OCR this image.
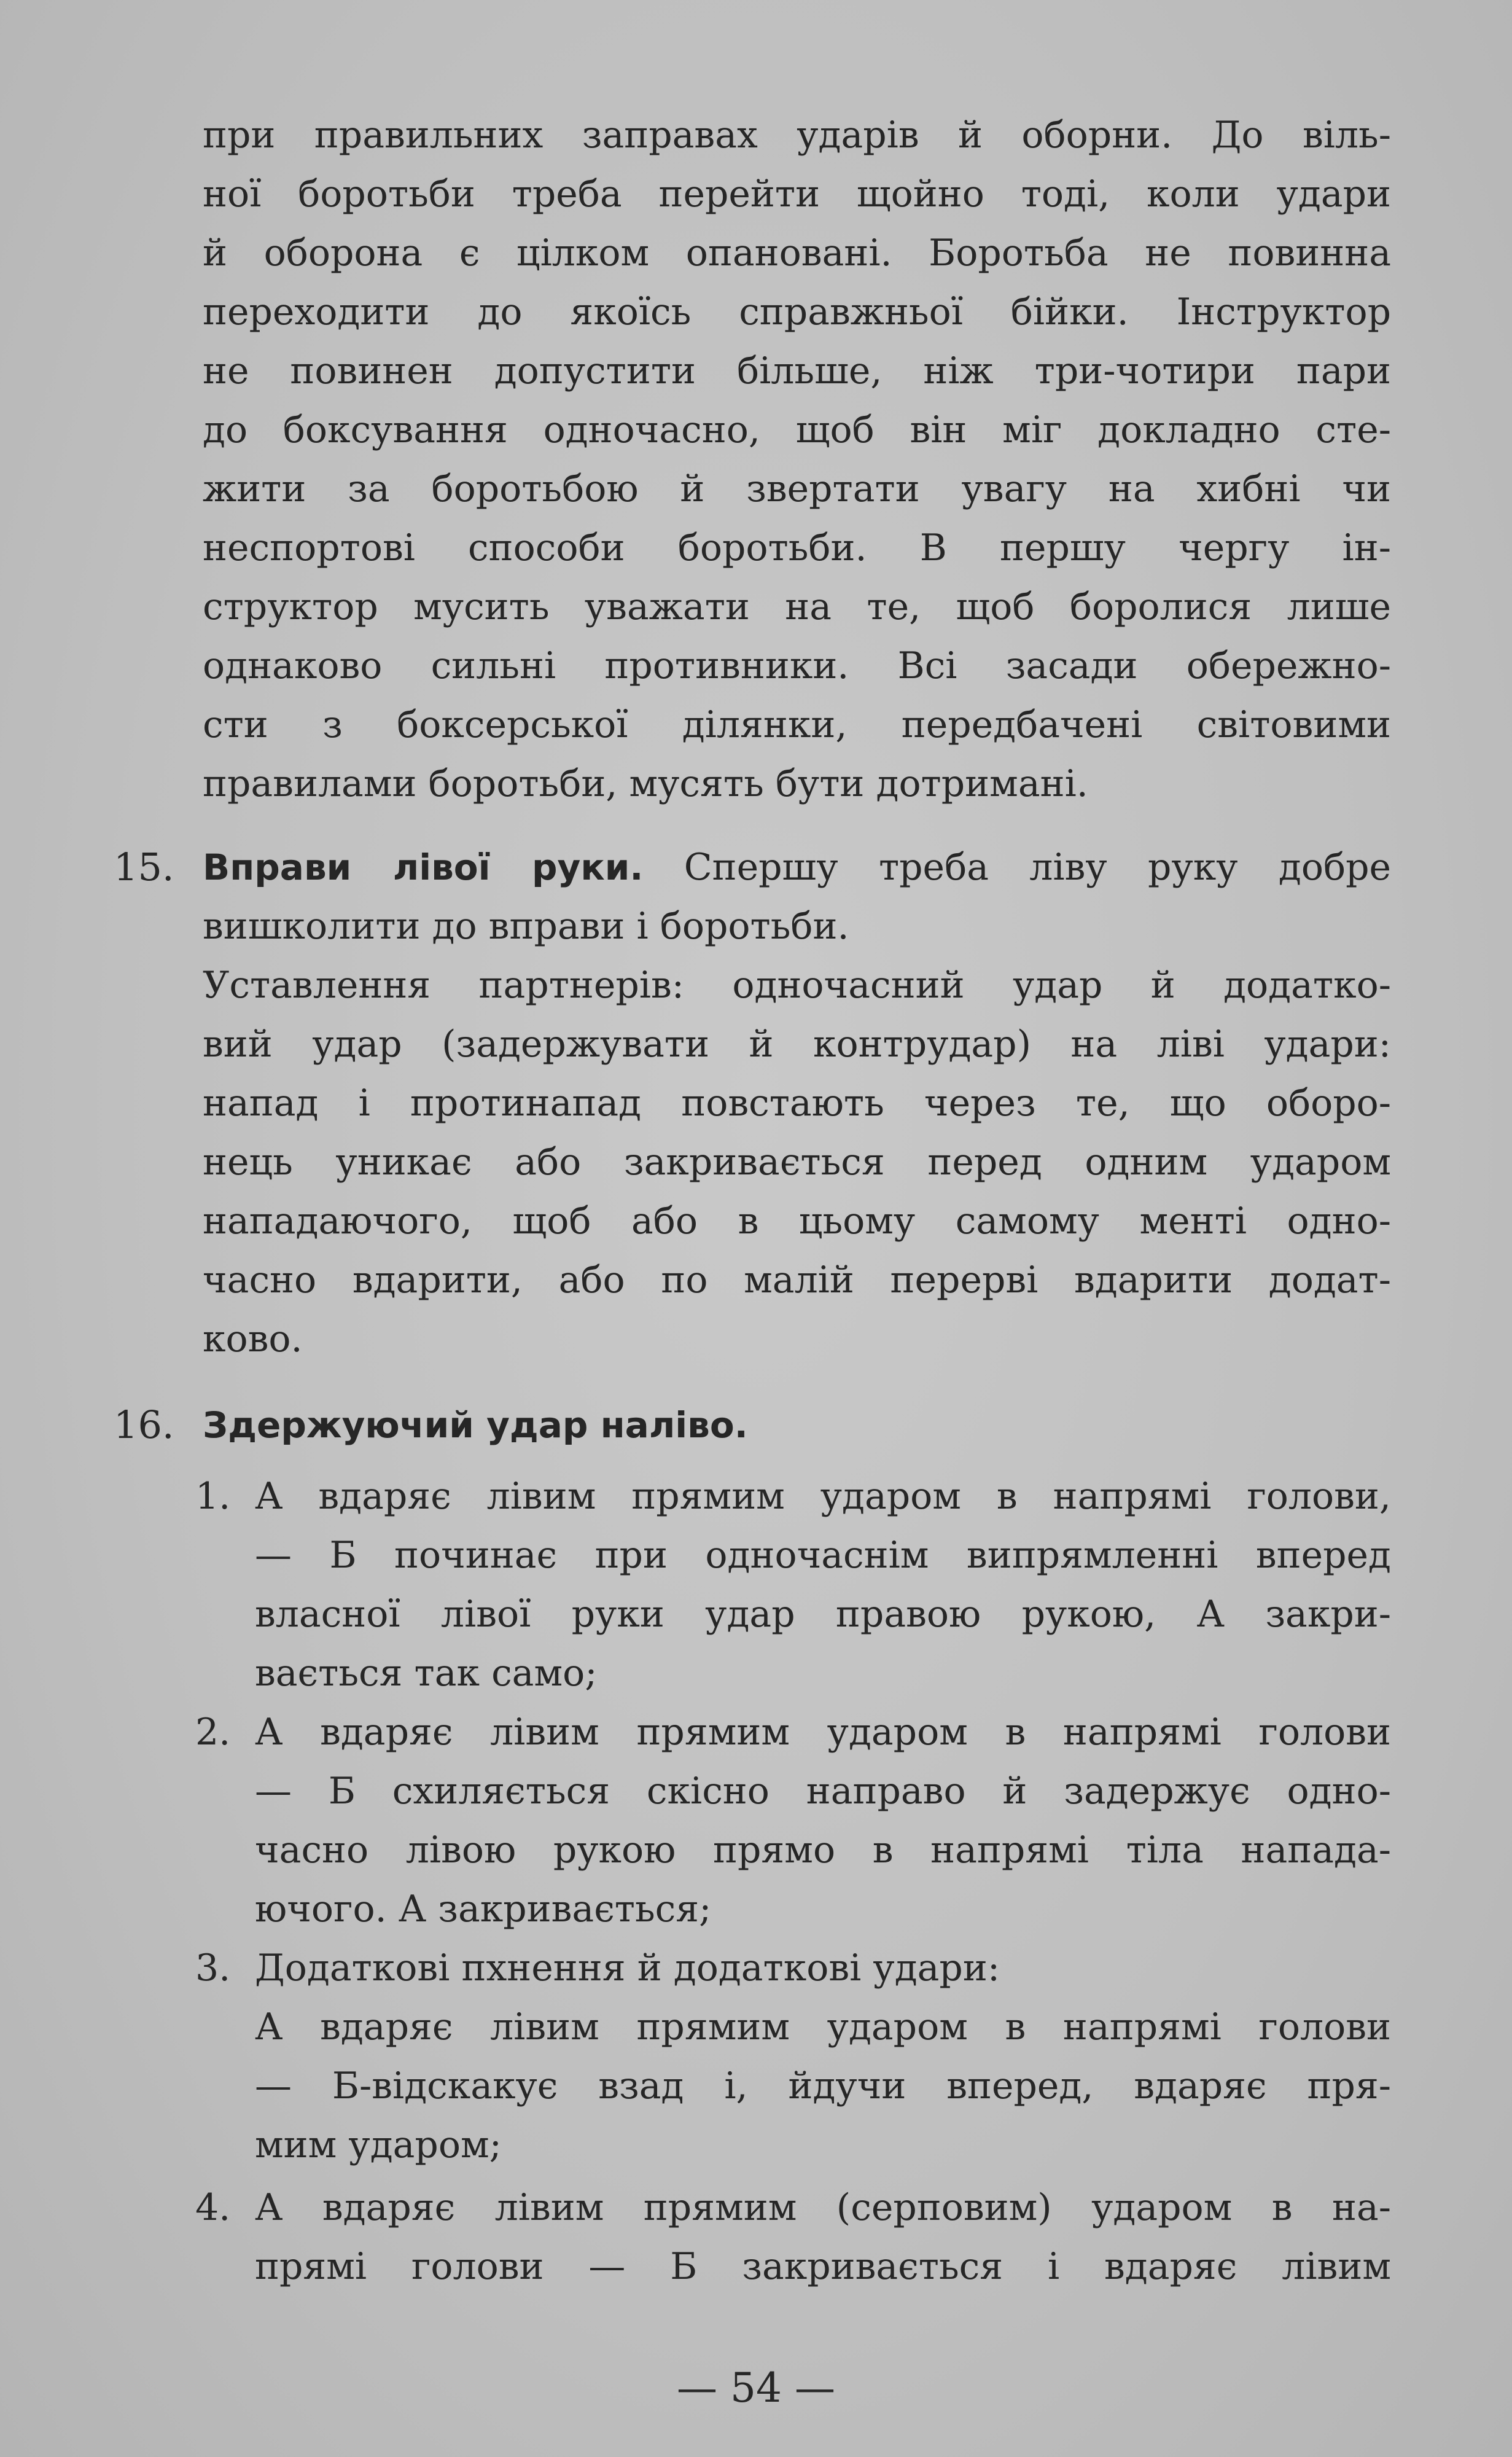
при правильних заправах ударів й оборни. До віль-
ної боротьби треба перейти щойно тоді, коли удари
й оборона є цілком опановані. Боротьба не повинна
переходити до якоїсь справжньої бійки. Інструктор
не повинен допустити більше, ніж три-чотири пари
до боксування одночасно, щоб він міг докладно сте-
жити за боротьбою й звертати увагу на хибні чи
неспортові способи боротьби. В першу чергу ін-
структор мусить уважати на те, щоб боролися лише
однаково сильні противники. Всі засади обережно-
сти з боксерської ділянки, передбачені світовими
правилами боротьби, мусять бути дотримані.
15. Вправи лівої руки. Спершу треба ліву руку добре
вишколити до вправи і боротьби.
Уставлення партнерів: одночасний удар й додатко-
вий удар (задержувати й контрудар) на ліві удари:
напад і протинапад повстають через те, що оборо-
нець уникає або закривається перед одним ударом
нападаючого, щоб або в цьому самому менті одно-
часно вдарити, або по малій перерві вдарити додат-
ково.
16. Здержуючий удар наліво.
1. А вдаряє лівим прямим ударом в напрямі голови,
— Б починає при одночаснім випрямленні вперед
власної лівої руки удар правою рукою, А закри-
вається так само;
2. А вдаряє лівим прямим ударом в напрямі голови
— Б схиляється скісно направо й задержує одно-
часно лівою рукою прямо в напрямі тіла напада-
ючого. А закривається;
3. Додаткові пхнення й додаткові удари:
А вдаряє лівим прямим ударом в напрямі голови
— Б-відскакує взад і, йдучи вперед, вдаряє пря-
мим ударом;
4. А вдаряє лівим прямим (серповим) ударом в на-
прямі голови — Б закривається і вдаряє лівим
— 54 —
